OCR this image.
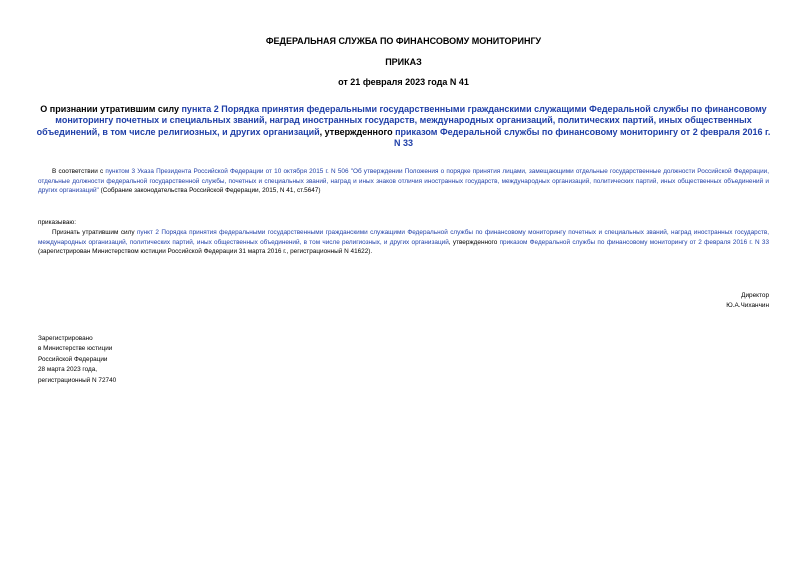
ФЕДЕРАЛЬНАЯ СЛУЖБА ПО ФИНАНСОВОМУ МОНИТОРИНГУ
ПРИКАЗ
от 21 февраля 2023 года N 41
О признании утратившим силу пункта 2 Порядка принятия федеральными государственными гражданскими служащими Федеральной службы по финансовому мониторингу почетных и специальных званий, наград иностранных государств, международных организаций, политических партий, иных общественных объединений, в том числе религиозных, и других организаций, утвержденного приказом Федеральной службы по финансовому мониторингу от 2 февраля 2016 г. N 33
В соответствии с пунктом 3 Указа Президента Российской Федерации от 10 октября 2015 г. N 506 "Об утверждении Положения о порядке принятия лицами, замещающими отдельные государственные должности Российской Федерации, отдельные должности федеральной государственной службы, почетных и специальных званий, наград и иных знаков отличия иностранных государств, международных организаций, политических партий, иных общественных объединений и других организаций" (Собрание законодательства Российской Федерации, 2015, N 41, ст.5647)
приказываю:
Признать утратившим силу пункт 2 Порядка принятия федеральными государственными гражданскими служащими Федеральной службы по финансовому мониторингу почетных и специальных званий, наград иностранных государств, международных организаций, политических партий, иных общественных объединений, в том числе религиозных, и других организаций, утвержденного приказом Федеральной службы по финансовому мониторингу от 2 февраля 2016 г. N 33 (зарегистрирован Министерством юстиции Российской Федерации 31 марта 2016 г., регистрационный N 41622).
Директор
Ю.А.Чиханчин
Зарегистрировано
в Министерстве юстиции
Российской Федерации
28 марта 2023 года,
регистрационный N 72740
